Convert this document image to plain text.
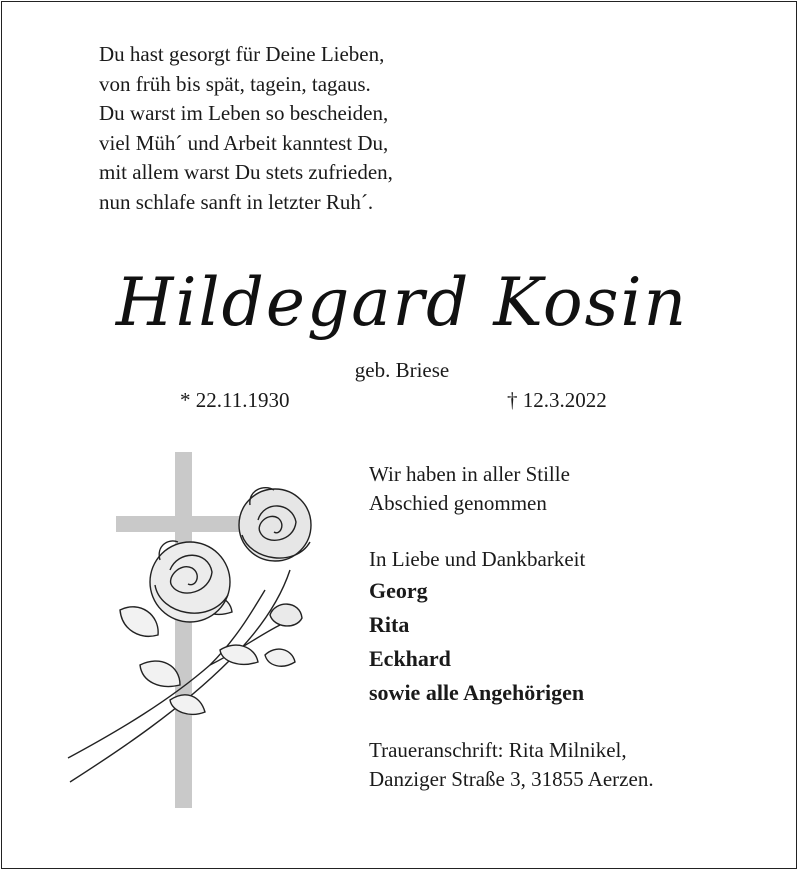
Du hast gesorgt für Deine Lieben,
von früh bis spät, tagein, tagaus.
Du warst im Leben so bescheiden,
viel Müh´ und Arbeit kanntest Du,
mit allem warst Du stets zufrieden,
nun schlafe sanft in letzter Ruh´.
Hildegard Kosin
geb. Briese
* 22.11.1930	† 12.3.2022
Wir haben in aller Stille
Abschied genommen
In Liebe und Dankbarkeit
Georg
Rita
Eckhard
sowie alle Angehörigen
Traueranschrift: Rita Milnikel,
Danziger Straße 3, 31855 Aerzen.
